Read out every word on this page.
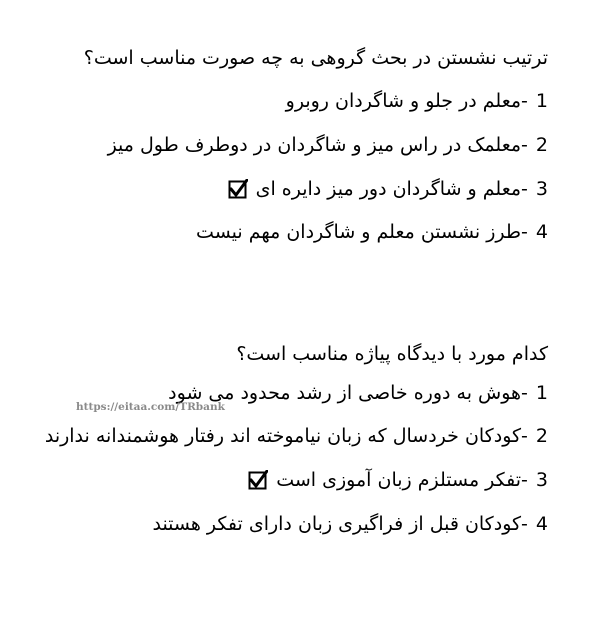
ترتیب نشستن در بحث گروهی به چه صورت مناسب است؟
1
-معلم در جلو و شاگردان روبرو
2
-معلمک در راس میز و شاگردان در دوطرف طول میز
3
-معلم و شاگردان دور میز دایره ای
4
-طرز نشستن معلم و شاگردان مهم نیست
کدام مورد با دیدگاه پیاژه مناسب است؟
1
-هوش به دوره خاصی از رشد محدود می شود
2
-کودکان خردسال که زبان نیاموخته اند رفتار هوشمندانه ندارند
3
-تفکر مستلزم زبان آموزی است
4
-کودکان قبل از فراگیری زبان دارای تفکر هستند
https://eitaa.com/TRbank
